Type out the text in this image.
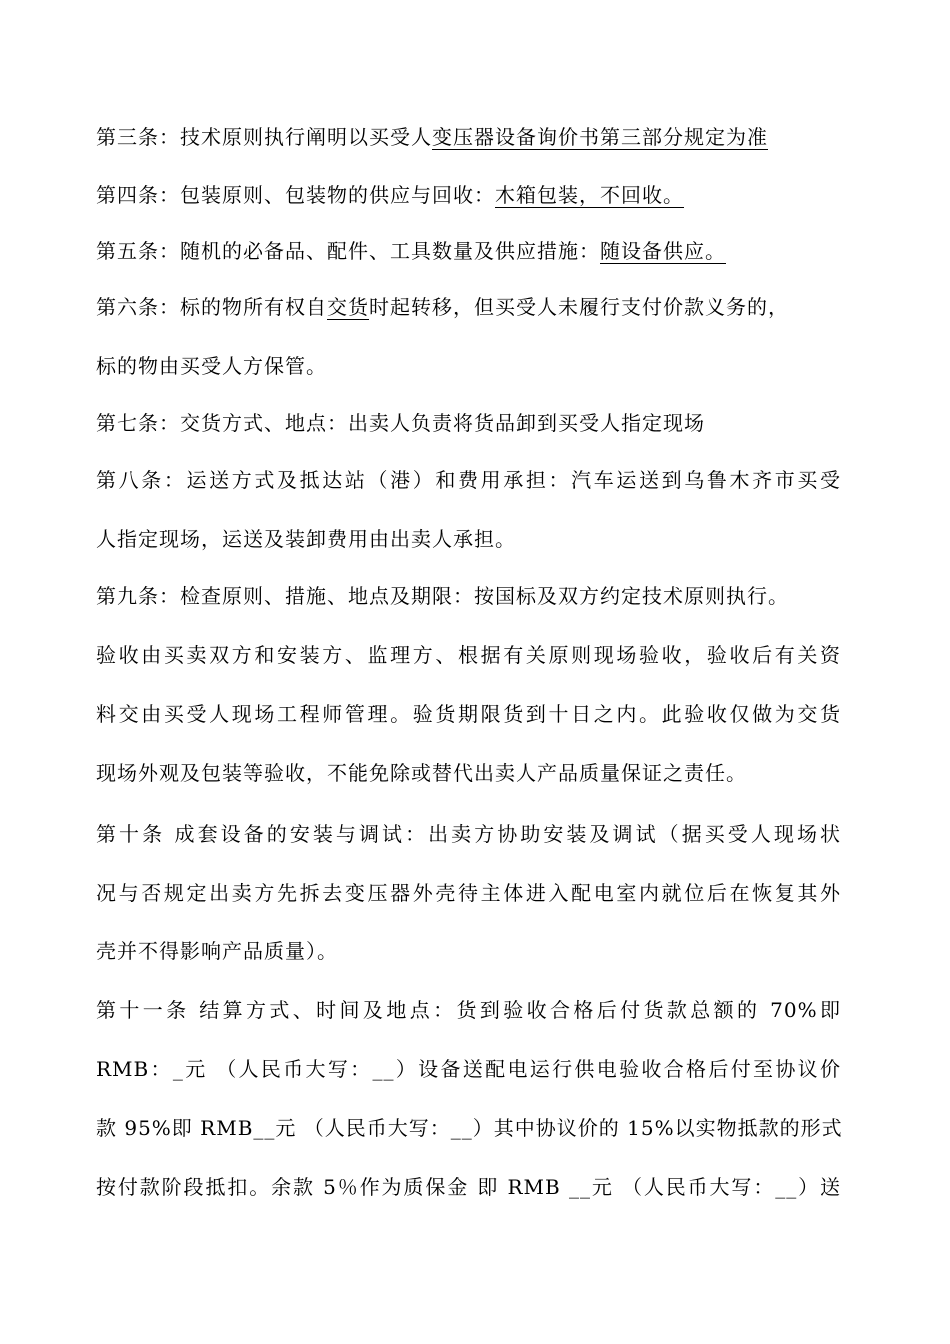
第三条：技术原则执行阐明以买受人变压器设备询价书第三部分规定为准
第四条：包装原则、包装物的供应与回收：木箱包装，不回收。
第五条：随机的必备品、配件、工具数量及供应措施：随设备供应。
第六条：标的物所有权自交货时起转移，但买受人未履行支付价款义务的，
标的物由买受人方保管。
第七条：交货方式、地点：出卖人负责将货品卸到买受人指定现场
第八条：运送方式及抵达站（港）和费用承担：汽车运送到乌鲁木齐市买受
人指定现场，运送及装卸费用由出卖人承担。
第九条：检查原则、措施、地点及期限：按国标及双方约定技术原则执行。
验收由买卖双方和安装方、监理方、根据有关原则现场验收，验收后有关资
料交由买受人现场工程师管理。验货期限货到十日之内。此验收仅做为交货
现场外观及包装等验收，不能免除或替代出卖人产品质量保证之责任。
第十条 成套设备的安装与调试：出卖方协助安装及调试（据买受人现场状
况与否规定出卖方先拆去变压器外壳待主体进入配电室内就位后在恢复其外
壳并不得影响产品质量）。
第十一条 结算方式、时间及地点：货到验收合格后付货款总额的 70%即
RMB：_元 （人民币大写：__）设备送配电运行供电验收合格后付至协议价
款 95%即 RMB__元 （人民币大写：__）其中协议价的 15%以实物抵款的形式
按付款阶段抵扣。余款 5％作为质保金 即 RMB __元 （人民币大写：__）送
